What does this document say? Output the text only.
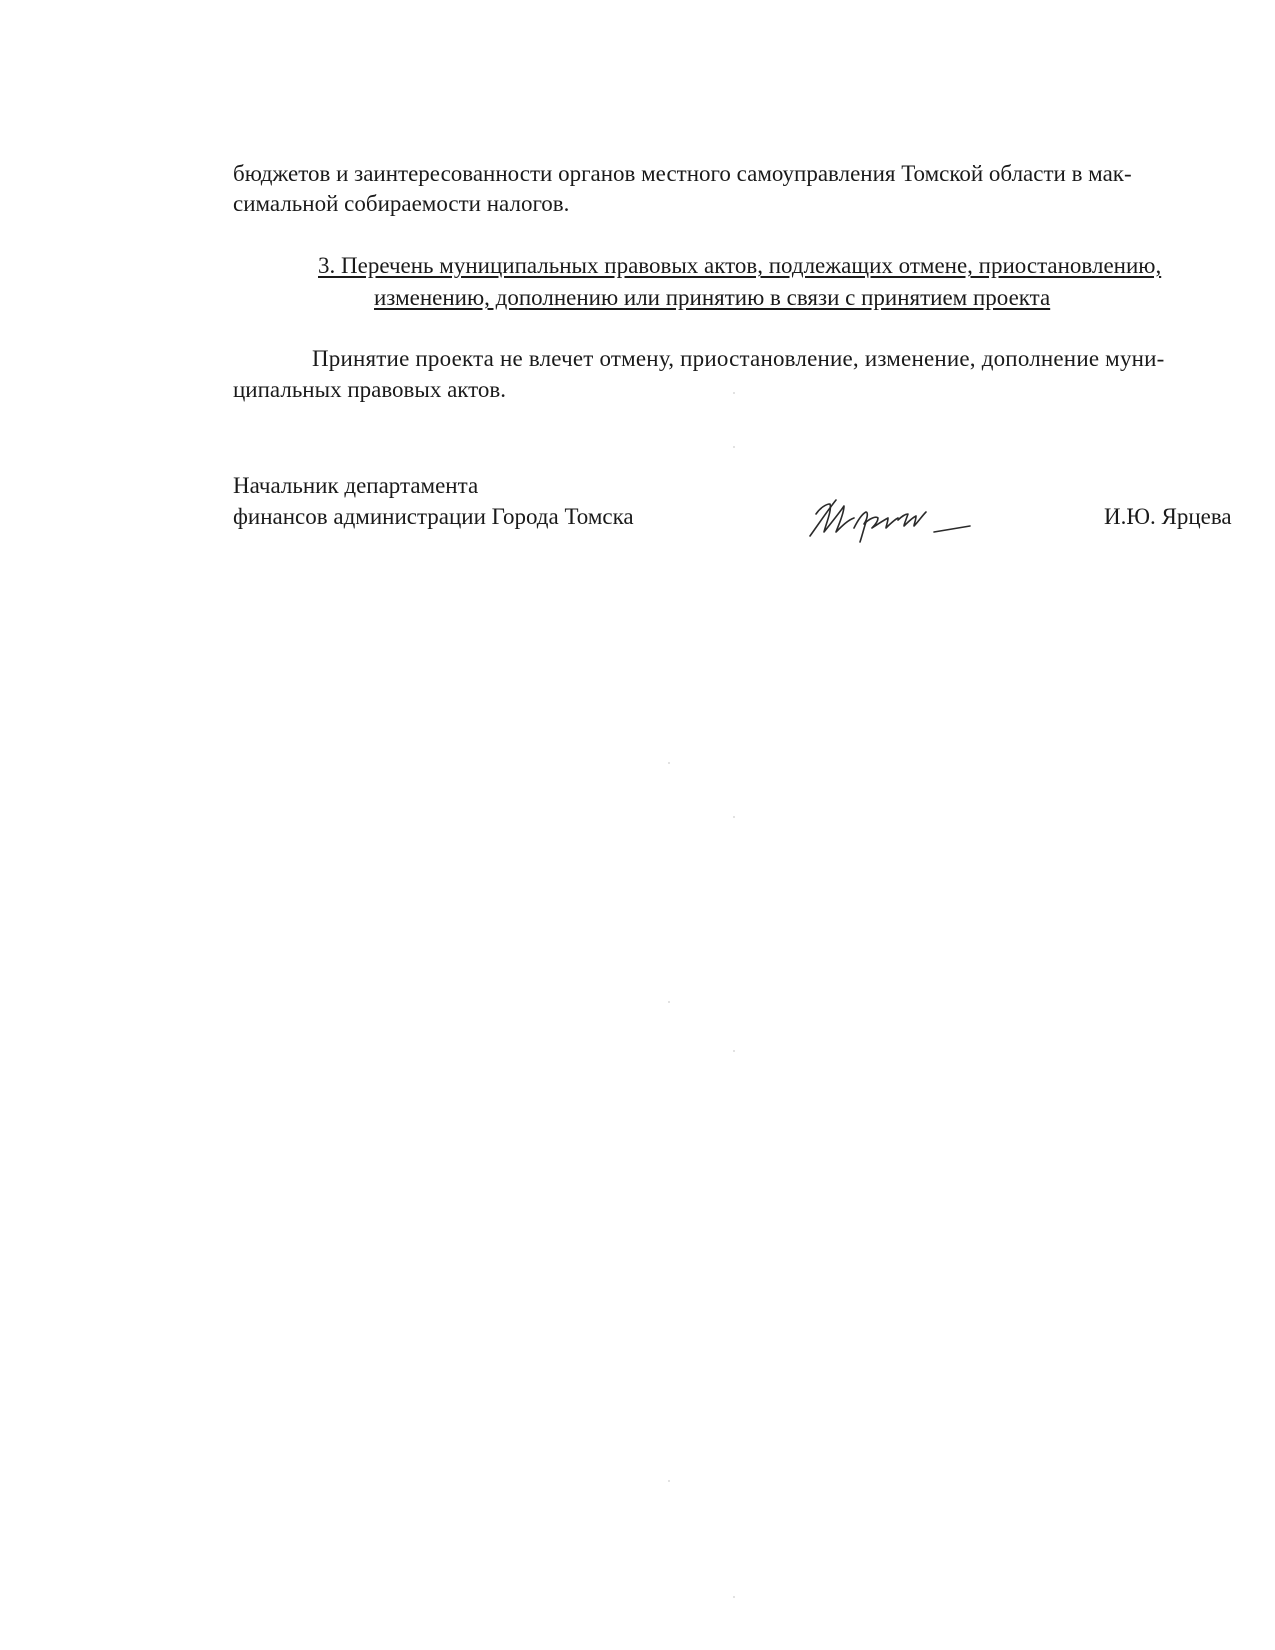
бюджетов и заинтересованности органов местного самоуправления Томской области в мак-
симальной собираемости налогов.
3. Перечень муниципальных правовых актов, подлежащих отмене, приостановлению,
изменению, дополнению или принятию в связи с принятием проекта
Принятие проекта не влечет отмену, приостановление, изменение, дополнение муни-
ципальных правовых актов.
Начальник департамента
финансов администрации Города Томска	И.Ю. Ярцева
